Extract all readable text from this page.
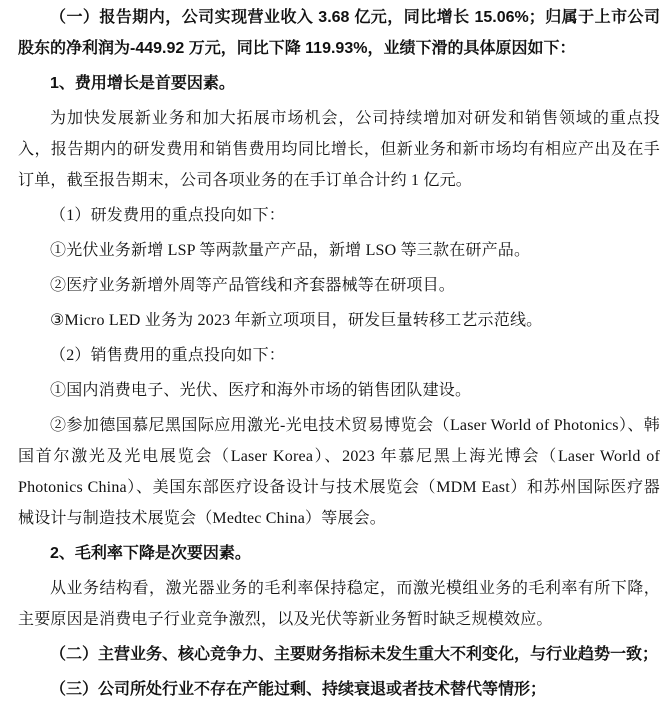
（一）报告期内，公司实现营业收入 3.68 亿元，同比增长 15.06%；归属于上市公司股东的净利润为-449.92 万元，同比下降 119.93%，业绩下滑的具体原因如下：

1、费用增长是首要因素。

为加快发展新业务和加大拓展市场机会，公司持续增加对研发和销售领域的重点投入，报告期内的研发费用和销售费用均同比增长，但新业务和新市场均有相应产出及在手订单，截至报告期末，公司各项业务的在手订单合计约 1 亿元。

（1）研发费用的重点投向如下：

①光伏业务新增 LSP 等两款量产产品，新增 LSO 等三款在研产品。

②医疗业务新增外周等产品管线和齐套器械等在研项目。

③Micro LED 业务为 2023 年新立项项目，研发巨量转移工艺示范线。

（2）销售费用的重点投向如下：

①国内消费电子、光伏、医疗和海外市场的销售团队建设。

②参加德国慕尼黑国际应用激光-光电技术贸易博览会（Laser World of Photonics）、韩国首尔激光及光电展览会（Laser Korea）、2023 年慕尼黑上海光博会（Laser World of Photonics China）、美国东部医疗设备设计与技术展览会（MDM East）和苏州国际医疗器械设计与制造技术展览会（Medtec China）等展会。

2、毛利率下降是次要因素。

从业务结构看，激光器业务的毛利率保持稳定，而激光模组业务的毛利率有所下降，主要原因是消费电子行业竞争激烈，以及光伏等新业务暂时缺乏规模效应。

（二）主营业务、核心竞争力、主要财务指标未发生重大不利变化，与行业趋势一致；

（三）公司所处行业不存在产能过剩、持续衰退或者技术替代等情形；
